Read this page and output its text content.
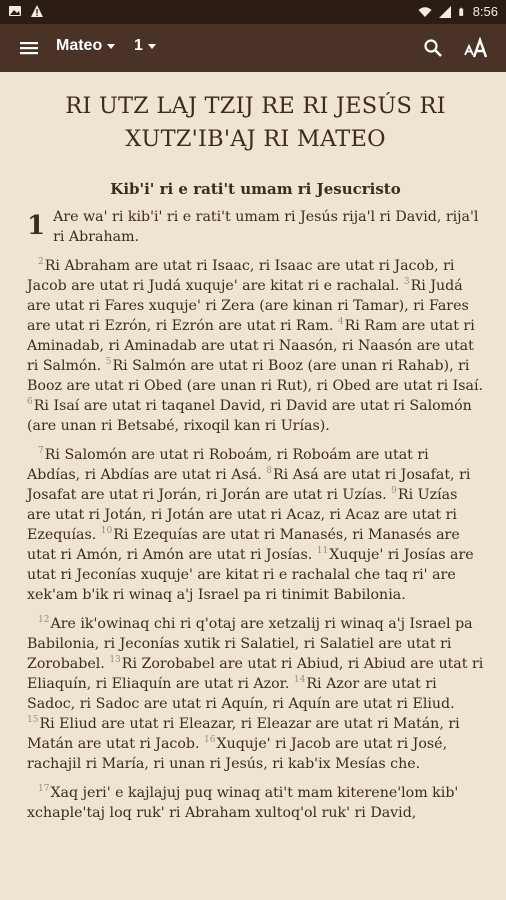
8:56
Mateo 1
RI UTZ LAJ TZIJ RE RI JESÚS RI XUTZ'IB'AJ RI MATEO
Kib'i' ri e rati't umam ri Jesucristo

1 Are wa' ri kib'i' ri e rati't umam ri Jesús rija'l ri David, rija'l ri Abraham.

$^2$Ri Abraham are utat ri Isaac, ri Isaac are utat ri Jacob, ri Jacob are utat ri Judá xuquje' are kitat ri e rachalal. $^3$Ri Judá are utat ri Fares xuquje' ri Zera (are kinan ri Tamar), ri Fares are utat ri Ezrón, ri Ezrón are utat ri Ram. $^4$Ri Ram are utat ri Aminadab, ri Aminadab are utat ri Naasón, ri Naasón are utat ri Salmón. $^5$Ri Salmón are utat ri Booz (are unan ri Rahab), ri Booz are utat ri Obed (are unan ri Rut), ri Obed are utat ri Isaí. $^6$Ri Isaí are utat ri taqanel David, ri David are utat ri Salomón (are unan ri Betsabé, rixoqil kan ri Urías).

$^7$Ri Salomón are utat ri Roboám, ri Roboám are utat ri Abdías, ri Abdías are utat ri Asá. $^8$Ri Asá are utat ri Josafat, ri Josafat are utat ri Jorán, ri Jorán are utat ri Uzías. $^9$Ri Uzías are utat ri Jotán, ri Jotán are utat ri Acaz, ri Acaz are utat ri Ezequías. $^{10}$Ri Ezequías are utat ri Manasés, ri Manasés are utat ri Amón, ri Amón are utat ri Josías. $^{11}$Xuquje' ri Josías are utat ri Jeconías xuquje' are kitat ri e rachalal che taq ri' are xek'am b'ik ri winaq a'j Israel pa ri tinimit Babilonia.

$^{12}$Are ik'owinaq chi ri q'otaj are xetzalij ri winaq a'j Israel pa Babilonia, ri Jeconías xutik ri Salatiel, ri Salatiel are utat ri Zorobabel. $^{13}$Ri Zorobabel are utat ri Abiud, ri Abiud are utat ri Eliaquín, ri Eliaquín are utat ri Azor. $^{14}$Ri Azor are utat ri Sadoc, ri Sadoc are utat ri Aquín, ri Aquín are utat ri Eliud. $^{15}$Ri Eliud are utat ri Eleazar, ri Eleazar are utat ri Matán, ri Matán are utat ri Jacob. $^{16}$Xuquje' ri Jacob are utat ri José, rachajil ri María, ri unan ri Jesús, ri kab'ix Mesías che.

$^{17}$Xaq jeri' e kajlajuj puq winaq ati't mam kiterene'lom kib' xchaple'taj loq ruk' ri Abraham xultoq'ol ruk' ri David,
